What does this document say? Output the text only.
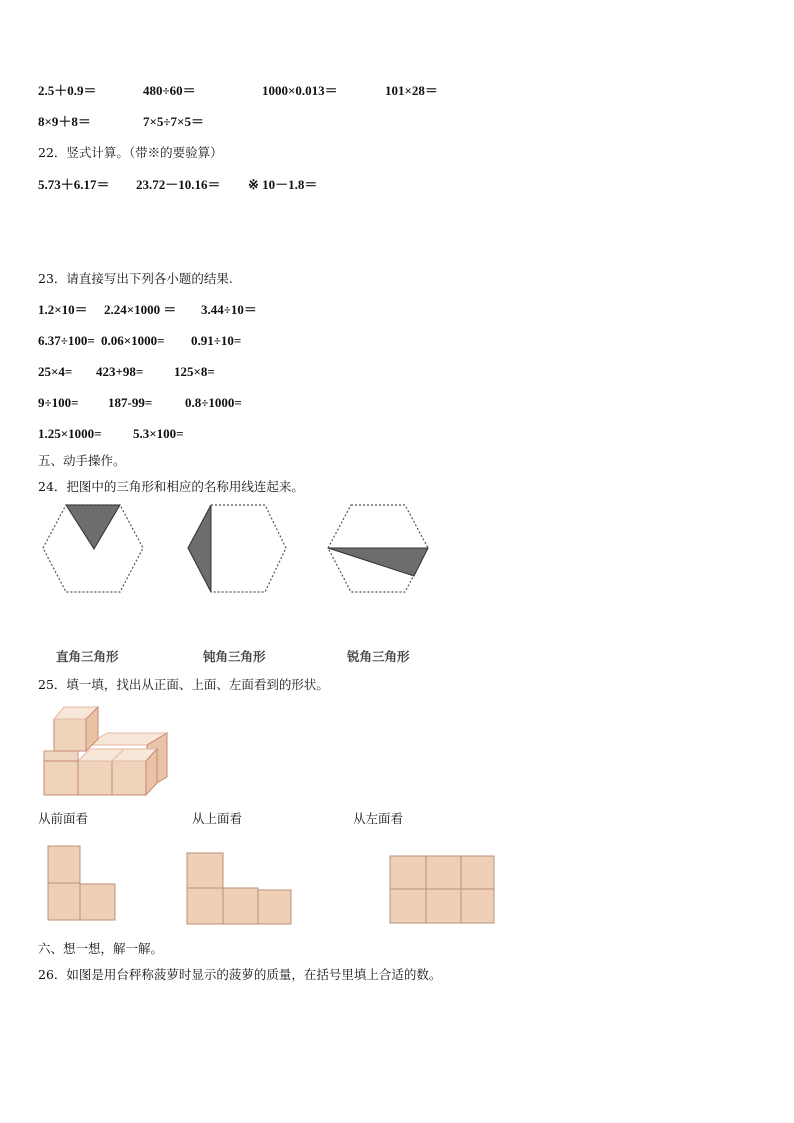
2.5＋0.9＝	480÷60＝	1000×0.013＝	101×28＝
8×9＋8＝	7×5÷7×5＝
22．竖式计算。（带※的要验算）
5.73＋6.17＝ 23.72－10.16＝ ※ 10－1.8＝
23．请直接写出下列各小题的结果.
1.2×10＝ 2.24×1000 ＝ 3.44÷10＝
6.37÷100= 0.06×1000= 0.91÷10=
25×4= 423+98= 125×8=
9÷100= 187-99=	0.8÷1000=
1.25×1000= 5.3×100=
五、动手操作。
24．把图中的三角形和相应的名称用线连起来。
直角三角形	钝角三角形	锐角三角形
25．填一填，找出从正面、上面、左面看到的形状。
从前面看	从上面看	从左面看
六、想一想，解一解。
26．如图是用台秤称菠萝时显示的菠萝的质量，在括号里填上合适的数。
